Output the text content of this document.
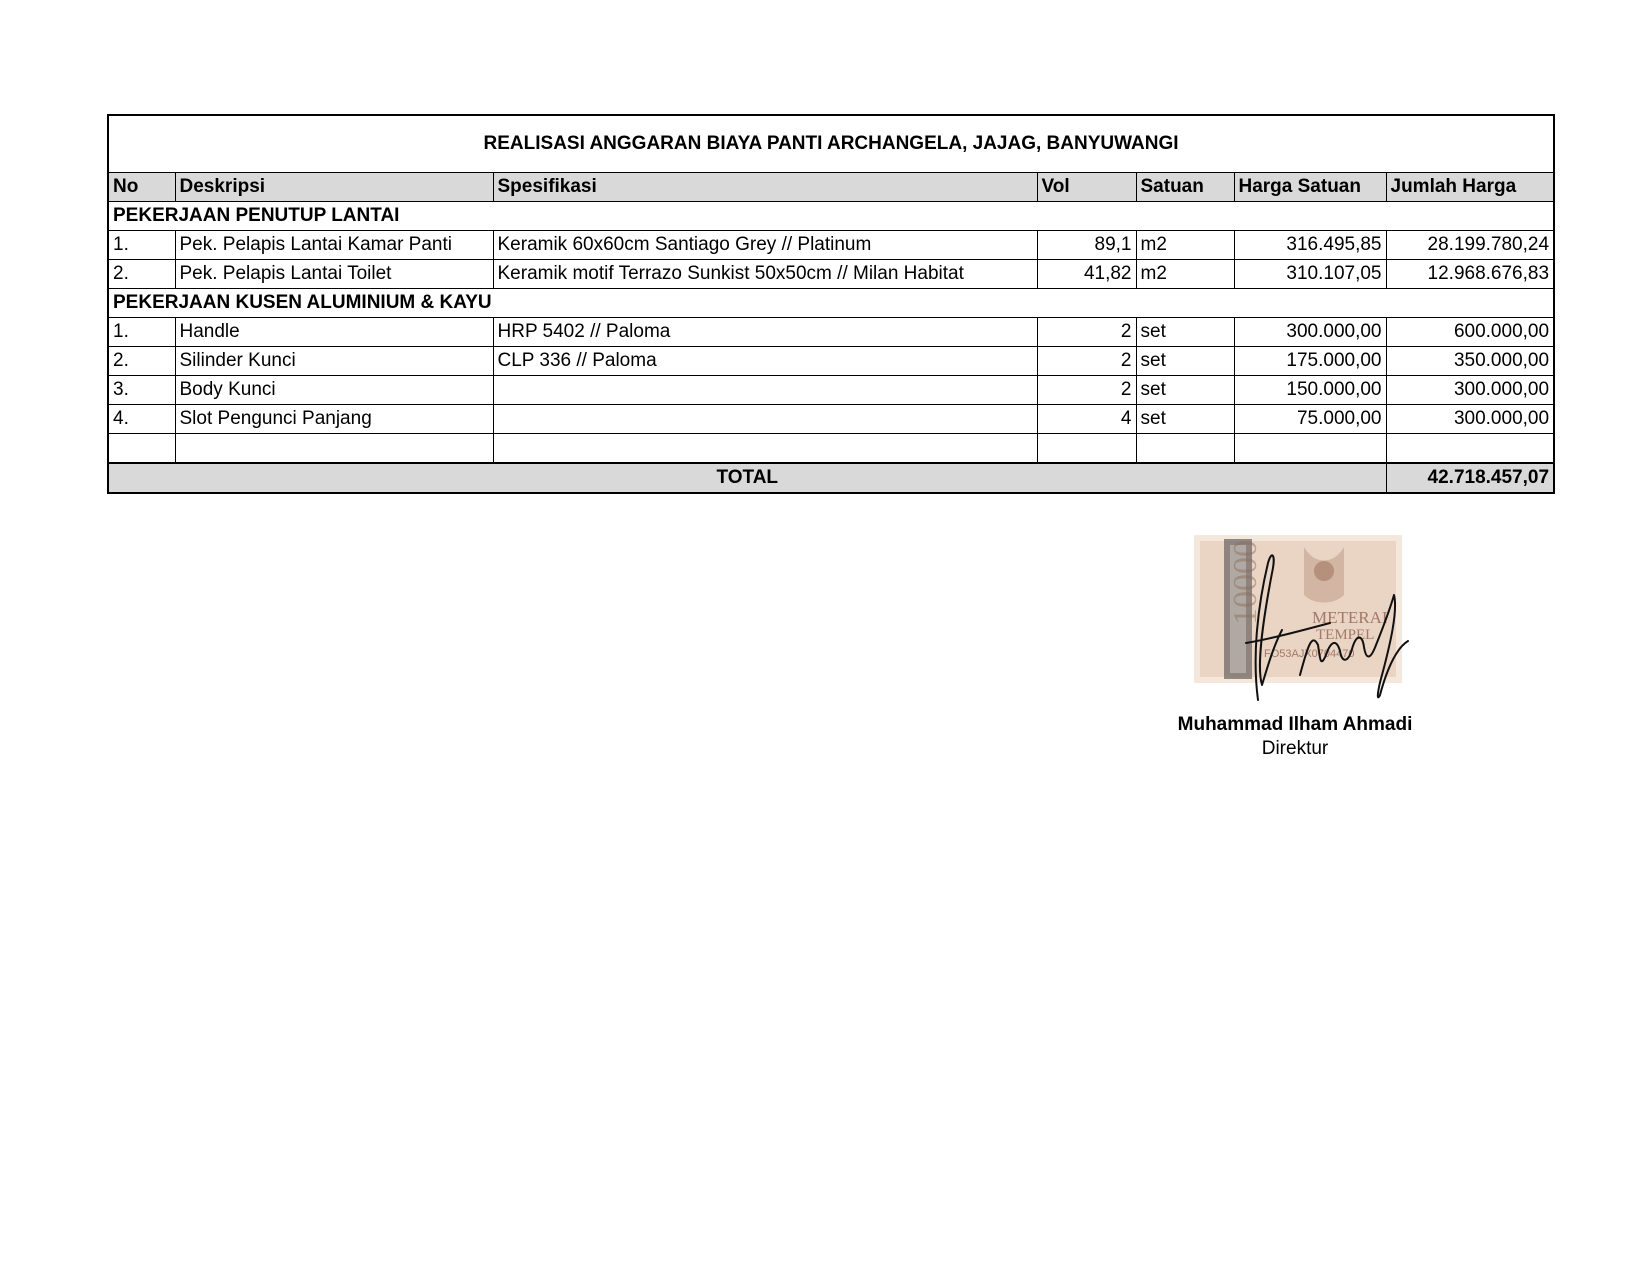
REALISASI ANGGARAN BIAYA PANTI ARCHANGELA, JAJAG, BANYUWANGI						
No	Deskripsi	Spesifikasi	Vol	Satuan	Harga Satuan	Jumlah Harga
PEKERJAAN PENUTUP LANTAI						
1.	Pek. Pelapis Lantai Kamar Panti	Keramik 60x60cm Santiago Grey // Platinum	89,1	m2	316.495,85	28.199.780,24
2.	Pek. Pelapis Lantai Toilet	Keramik motif Terrazo Sunkist 50x50cm // Milan Habitat	41,82	m2	310.107,05	12.968.676,83
PEKERJAAN KUSEN ALUMINIUM & KAYU						
1.	Handle	HRP 5402 // Paloma	2	set	300.000,00	600.000,00
2.	Silinder Kunci	CLP 336 // Paloma	2	set	175.000,00	350.000,00
3.	Body Kunci		2	set	150.000,00	300.000,00
4.	Slot Pengunci Panjang		4	set	75.000,00	300.000,00

TOTAL						42.718.457,07
10000	METERAI
TEMPEL
FO53AJX0704470
Muhammad Ilham Ahmadi
Direktur
